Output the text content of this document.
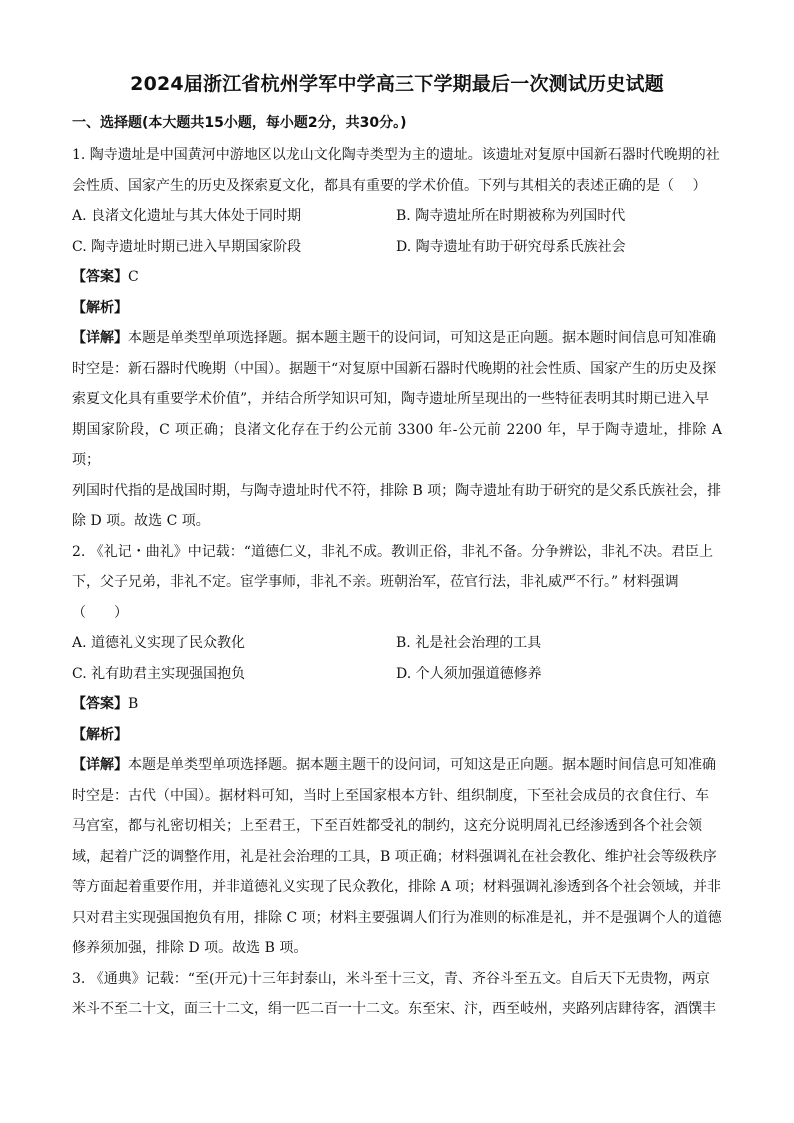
2024届浙江省杭州学军中学高三下学期最后一次测试历史试题
一、选择题(本大题共15小题，每小题2分，共30分。)
1. 陶寺遗址是中国黄河中游地区以龙山文化陶寺类型为主的遗址。该遗址对复原中国新石器时代晚期的社
会性质、国家产生的历史及探索夏文化，都具有重要的学术价值。下列与其相关的表述正确的是（　 ）
A. 良渚文化遗址与其大体处于同时期	B. 陶寺遗址所在时期被称为列国时代
C. 陶寺遗址时期已进入早期国家阶段	D. 陶寺遗址有助于研究母系氏族社会
【答案】C
【解析】
【详解】本题是单类型单项选择题。据本题主题干的设问词，可知这是正向题。据本题时间信息可知准确
时空是：新石器时代晚期（中国）。据题干“对复原中国新石器时代晚期的社会性质、国家产生的历史及探
索夏文化具有重要学术价值”，并结合所学知识可知，陶寺遗址所呈现出的一些特征表明其时期已进入早
期国家阶段，C 项正确；良渚文化存在于约公元前 3300 年-公元前 2200 年，早于陶寺遗址，排除 A 项；
列国时代指的是战国时期，与陶寺遗址时代不符，排除 B 项；陶寺遗址有助于研究的是父系氏族社会，排
除 D 项。故选 C 项。
2. 《礼记・曲礼》中记载：“道德仁义，非礼不成。教训正俗，非礼不备。分争辨讼，非礼不决。君臣上
下，父子兄弟，非礼不定。宦学事师，非礼不亲。班朝治军，莅官行法，非礼威严不行。” 材料强调
（　　）
A. 道德礼义实现了民众教化	B. 礼是社会治理的工具
C. 礼有助君主实现强国抱负	D. 个人须加强道德修养
【答案】B
【解析】
【详解】本题是单类型单项选择题。据本题主题干的设问词，可知这是正向题。据本题时间信息可知准确
时空是：古代（中国）。据材料可知，当时上至国家根本方针、组织制度，下至社会成员的衣食住行、车
马宫室，都与礼密切相关；上至君王，下至百姓都受礼的制约，这充分说明周礼已经渗透到各个社会领
域，起着广泛的调整作用，礼是社会治理的工具，B 项正确；材料强调礼在社会教化、维护社会等级秩序
等方面起着重要作用，并非道德礼义实现了民众教化，排除 A 项；材料强调礼渗透到各个社会领域，并非
只对君主实现强国抱负有用，排除 C 项；材料主要强调人们行为准则的标准是礼，并不是强调个人的道德
修养须加强，排除 D 项。故选 B 项。
3. 《通典》记载：“至(开元)十三年封泰山，米斗至十三文，青、齐谷斗至五文。自后天下无贵物，两京
米斗不至二十文，面三十二文，绢一匹二百一十二文。东至宋、汴，西至岐州，夹路列店肆待客，酒馔丰
